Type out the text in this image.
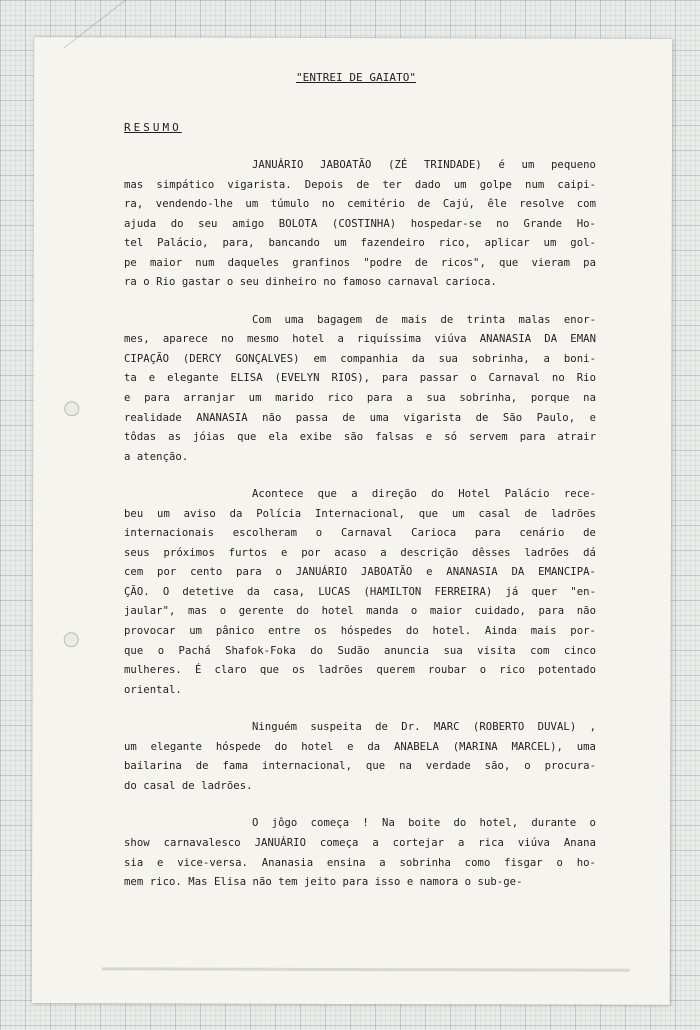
"ENTREI DE GAIATO"

RESUMO

JANUÁRIO JABOATÃO (ZÉ TRINDADE) é um pequeno
mas simpático vigarista. Depois de ter dado um golpe num caipi-
ra, vendendo-lhe um túmulo no cemitério de Cajú, êle resolve com
ajuda do seu amigo BOLOTA (COSTINHA) hospedar-se no Grande Ho-
tel Palácio, para, bancando um fazendeiro rico, aplicar um gol-
pe maior num daqueles granfinos "podre de ricos", que vieram pa
ra o Rio gastar o seu dinheiro no famoso carnaval carioca.
Com uma bagagem de mais de trinta malas enor-
mes, aparece no mesmo hotel a riquíssima viúva ANANASIA DA EMAN
CIPAÇÃO (DERCY GONÇALVES) em companhia da sua sobrinha, a boni-
ta e elegante ELISA (EVELYN RIOS), para passar o Carnaval no Rio
e para arranjar um marido rico para a sua sobrinha, porque na
realidade ANANASIA não passa de uma vigarista de São Paulo, e
tôdas as jóias que ela exibe são falsas e só servem para atrair
a atenção.
Acontece que a direção do Hotel Palácio rece-
beu um aviso da Polícia Internacional, que um casal de ladrões
internacionais escolheram o Carnaval Carioca para cenário de
seus próximos furtos e por acaso a descrição dêsses ladrões dá
cem por cento para o JANUÁRIO JABOATÃO e ANANASIA DA EMANCIPA-
ÇÃO. O detetive da casa, LUCAS (HAMILTON FERREIRA) já quer "en-
jaular", mas o gerente do hotel manda o maior cuidado, para não
provocar um pânico entre os hóspedes do hotel. Ainda mais por-
que o Pachá Shafok-Foka do Sudão anuncia sua visita com cinco
mulheres. É claro que os ladrões querem roubar o rico potentado
oriental.
Ninguém suspeita de Dr. MARC (ROBERTO DUVAL) ,
um elegante hóspede do hotel e da ANABELA (MARINA MARCEL), uma
bailarina de fama internacional, que na verdade são, o procura-
do casal de ladrões.
O jôgo começa ! Na boite do hotel, durante o
show carnavalesco JANUÁRIO começa a cortejar a rica viúva Anana
sia e vice-versa. Ananasia ensina a sobrinha como fisgar o ho-
mem rico. Mas Elisa não tem jeito para isso e namora o sub-ge-
